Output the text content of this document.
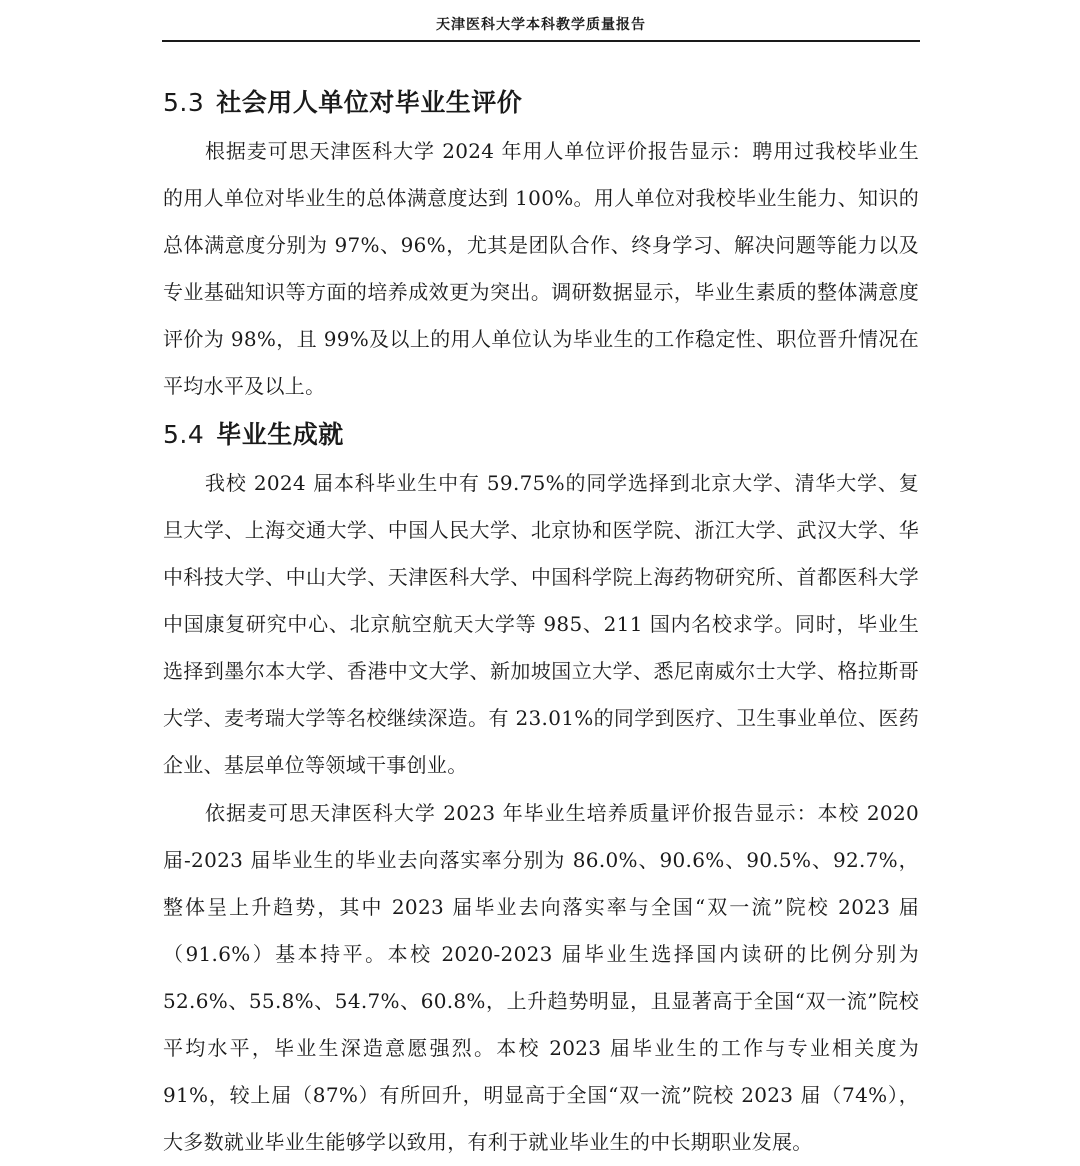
天津医科大学本科教学质量报告
5.3 社会用人单位对毕业生评价

根据麦可思天津医科大学 2024 年用人单位评价报告显示：聘用过我校毕业生的用人单位对毕业生的总体满意度达到 100%。用人单位对我校毕业生能力、知识的总体满意度分别为 97%、96%，尤其是团队合作、终身学习、解决问题等能力以及专业基础知识等方面的培养成效更为突出。调研数据显示，毕业生素质的整体满意度评价为 98%，且 99%及以上的用人单位认为毕业生的工作稳定性、职位晋升情况在平均水平及以上。

5.4 毕业生成就

我校 2024 届本科毕业生中有 59.75%的同学选择到北京大学、清华大学、复旦大学、上海交通大学、中国人民大学、北京协和医学院、浙江大学、武汉大学、华中科技大学、中山大学、天津医科大学、中国科学院上海药物研究所、首都医科大学中国康复研究中心、北京航空航天大学等 985、211 国内名校求学。同时，毕业生选择到墨尔本大学、香港中文大学、新加坡国立大学、悉尼南威尔士大学、格拉斯哥大学、麦考瑞大学等名校继续深造。有 23.01%的同学到医疗、卫生事业单位、医药企业、基层单位等领域干事创业。

依据麦可思天津医科大学 2023 年毕业生培养质量评价报告显示：本校 2020 届-2023 届毕业生的毕业去向落实率分别为 86.0%、90.6%、90.5%、92.7%，整体呈上升趋势，其中 2023 届毕业去向落实率与全国“双一流”院校 2023 届（91.6%）基本持平。本校 2020-2023 届毕业生选择国内读研的比例分别为 52.6%、55.8%、54.7%、60.8%，上升趋势明显，且显著高于全国“双一流”院校平均水平，毕业生深造意愿强烈。本校 2023 届毕业生的工作与专业相关度为 91%，较上届（87%）有所回升，明显高于全国“双一流”院校 2023 届（74%），大多数就业毕业生能够学以致用，有利于就业毕业生的中长期职业发展。
